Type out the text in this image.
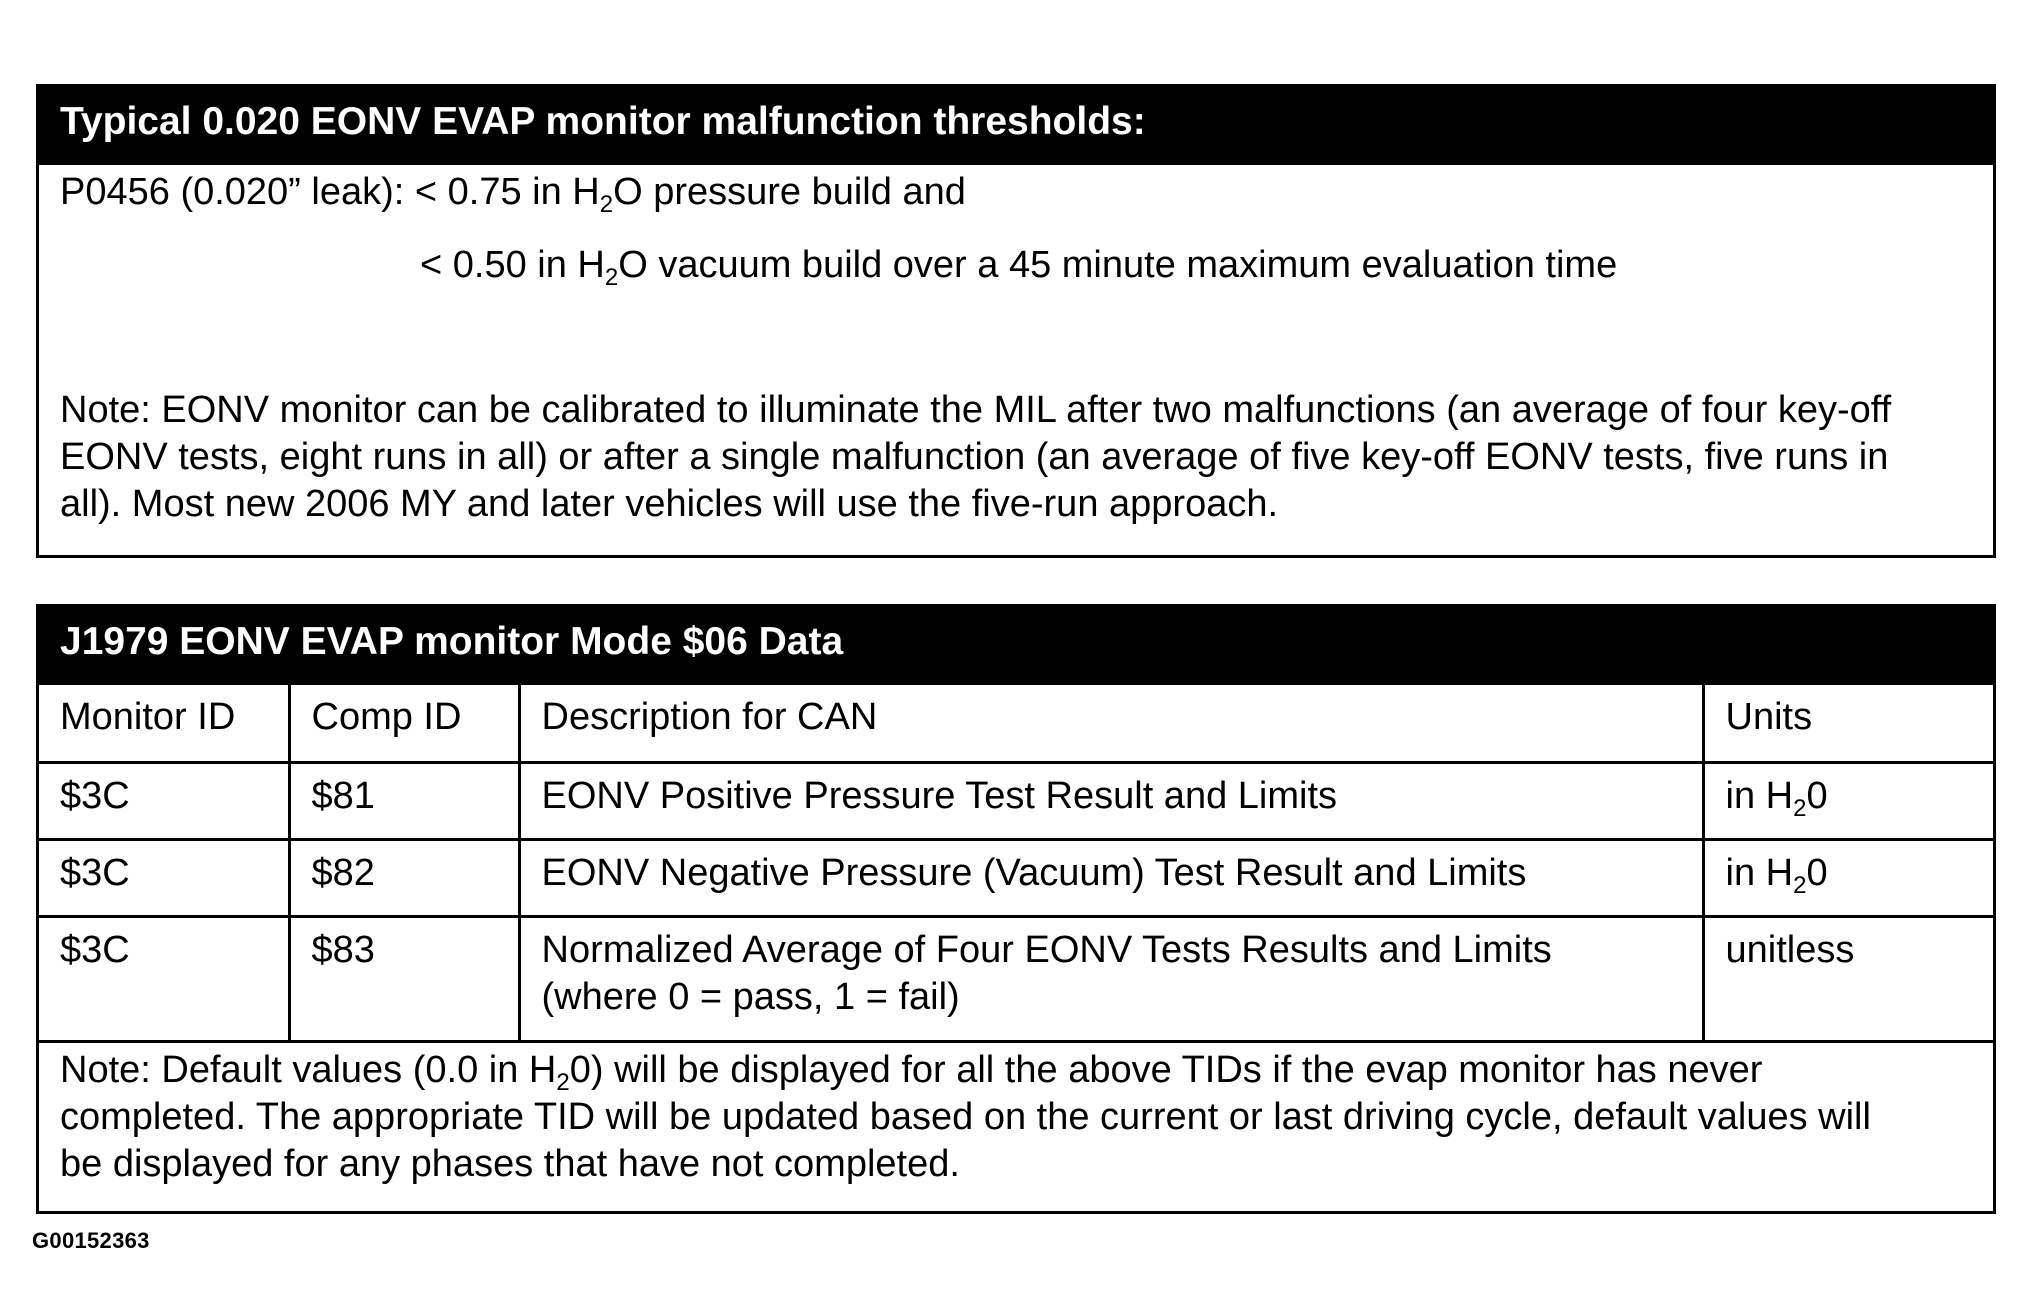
Typical 0.020 EONV EVAP monitor malfunction thresholds:
P0456 (0.020” leak): < 0.75 in $H_2O$ pressure build and
< 0.50 in $H_2O$ vacuum build over a 45 minute maximum evaluation time
Note: EONV monitor can be calibrated to illuminate the MIL after two malfunctions (an average of four key-off
EONV tests, eight runs in all) or after a single malfunction (an average of five key-off EONV tests, five runs in
all). Most new 2006 MY and later vehicles will use the five-run approach.
J1979 EONV EVAP monitor Mode $06 Data
Monitor ID	Comp ID	Description for CAN	Units
$3C	$81	EONV Positive Pressure Test Result and Limits	in $H_20$
$3C	$82	EONV Negative Pressure (Vacuum) Test Result and Limits	in $H_20$
$3C	$83	Normalized Average of Four EONV Tests Results and Limits
(where 0 = pass, 1 = fail)	unitless

Note: Default values (0.0 in $H_20$) will be displayed for all the above TIDs if the evap monitor has never
completed. The appropriate TID will be updated based on the current or last driving cycle, default values will
be displayed for any phases that have not completed.			
G00152363
